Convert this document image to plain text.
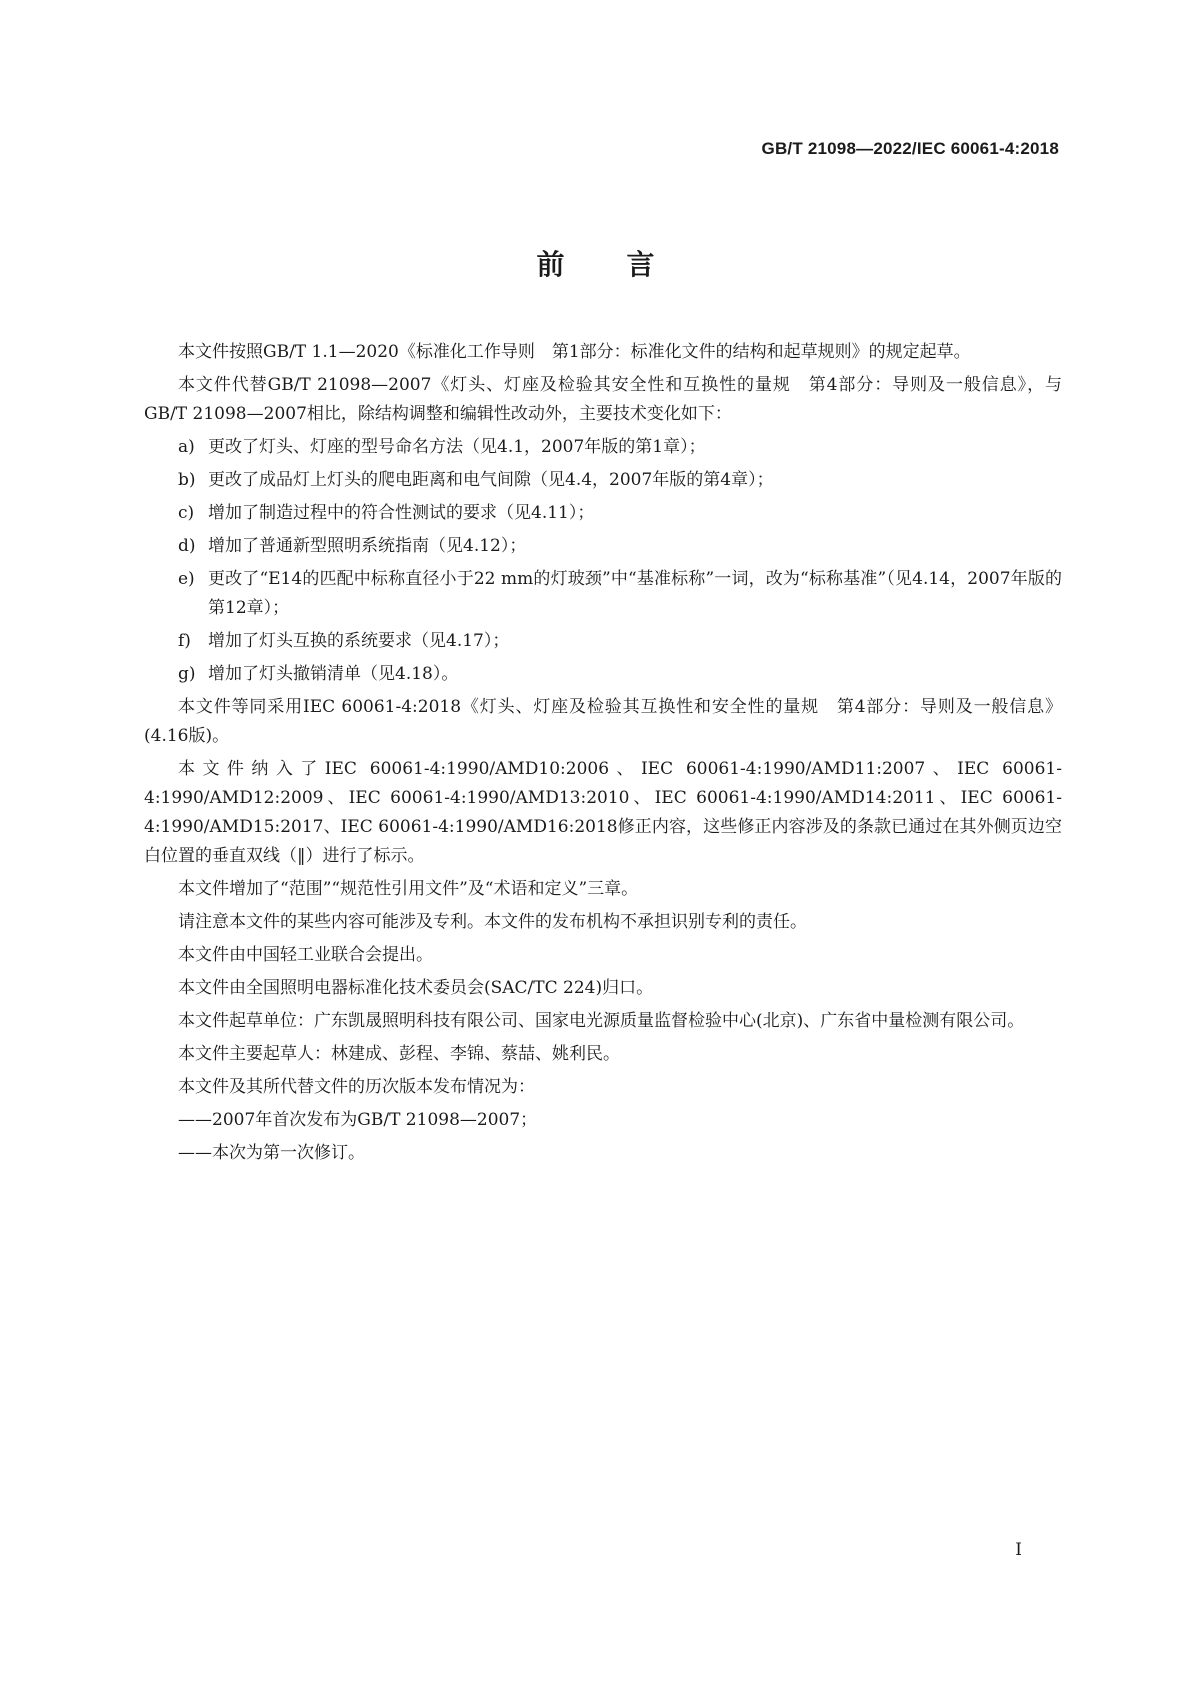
GB/T 21098—2022/IEC 60061-4:2018
前言

本文件按照GB/T 1.1—2020《标准化工作导则　第1部分：标准化文件的结构和起草规则》的规定起草。

本文件代替GB/T 21098—2007《灯头、灯座及检验其安全性和互换性的量规　第4部分：导则及一般信息》，与GB/T 21098—2007相比，除结构调整和编辑性改动外，主要技术变化如下：

a) 更改了灯头、灯座的型号命名方法（见4.1，2007年版的第1章）；

b) 更改了成品灯上灯头的爬电距离和电气间隙（见4.4，2007年版的第4章）；

c) 增加了制造过程中的符合性测试的要求（见4.11）；

d) 增加了普通新型照明系统指南（见4.12）；

e) 更改了“E14的匹配中标称直径小于22 mm的灯玻颈”中“基准标称”一词，改为“标称基准”（见4.14，2007年版的第12章）；

f) 增加了灯头互换的系统要求（见4.17）；

g) 增加了灯头撤销清单（见4.18）。

本文件等同采用IEC 60061-4:2018《灯头、灯座及检验其互换性和安全性的量规　第4部分：导则及一般信息》(4.16版)。

本文件纳入了IEC 60061-4:1990/AMD10:2006、IEC 60061-4:1990/AMD11:2007、IEC 60061-4:1990/AMD12:2009、IEC 60061-4:1990/AMD13:2010、IEC 60061-4:1990/AMD14:2011、IEC 60061-4:1990/AMD15:2017、IEC 60061-4:1990/AMD16:2018修正内容，这些修正内容涉及的条款已通过在其外侧页边空白位置的垂直双线（‖）进行了标示。

本文件增加了“范围”“规范性引用文件”及“术语和定义”三章。

请注意本文件的某些内容可能涉及专利。本文件的发布机构不承担识别专利的责任。

本文件由中国轻工业联合会提出。

本文件由全国照明电器标准化技术委员会(SAC/TC 224)归口。

本文件起草单位：广东凯晟照明科技有限公司、国家电光源质量监督检验中心(北京)、广东省中量检测有限公司。

本文件主要起草人：林建成、彭程、李锦、蔡喆、姚利民。

本文件及其所代替文件的历次版本发布情况为：

——2007年首次发布为GB/T 21098—2007；

——本次为第一次修订。

I
